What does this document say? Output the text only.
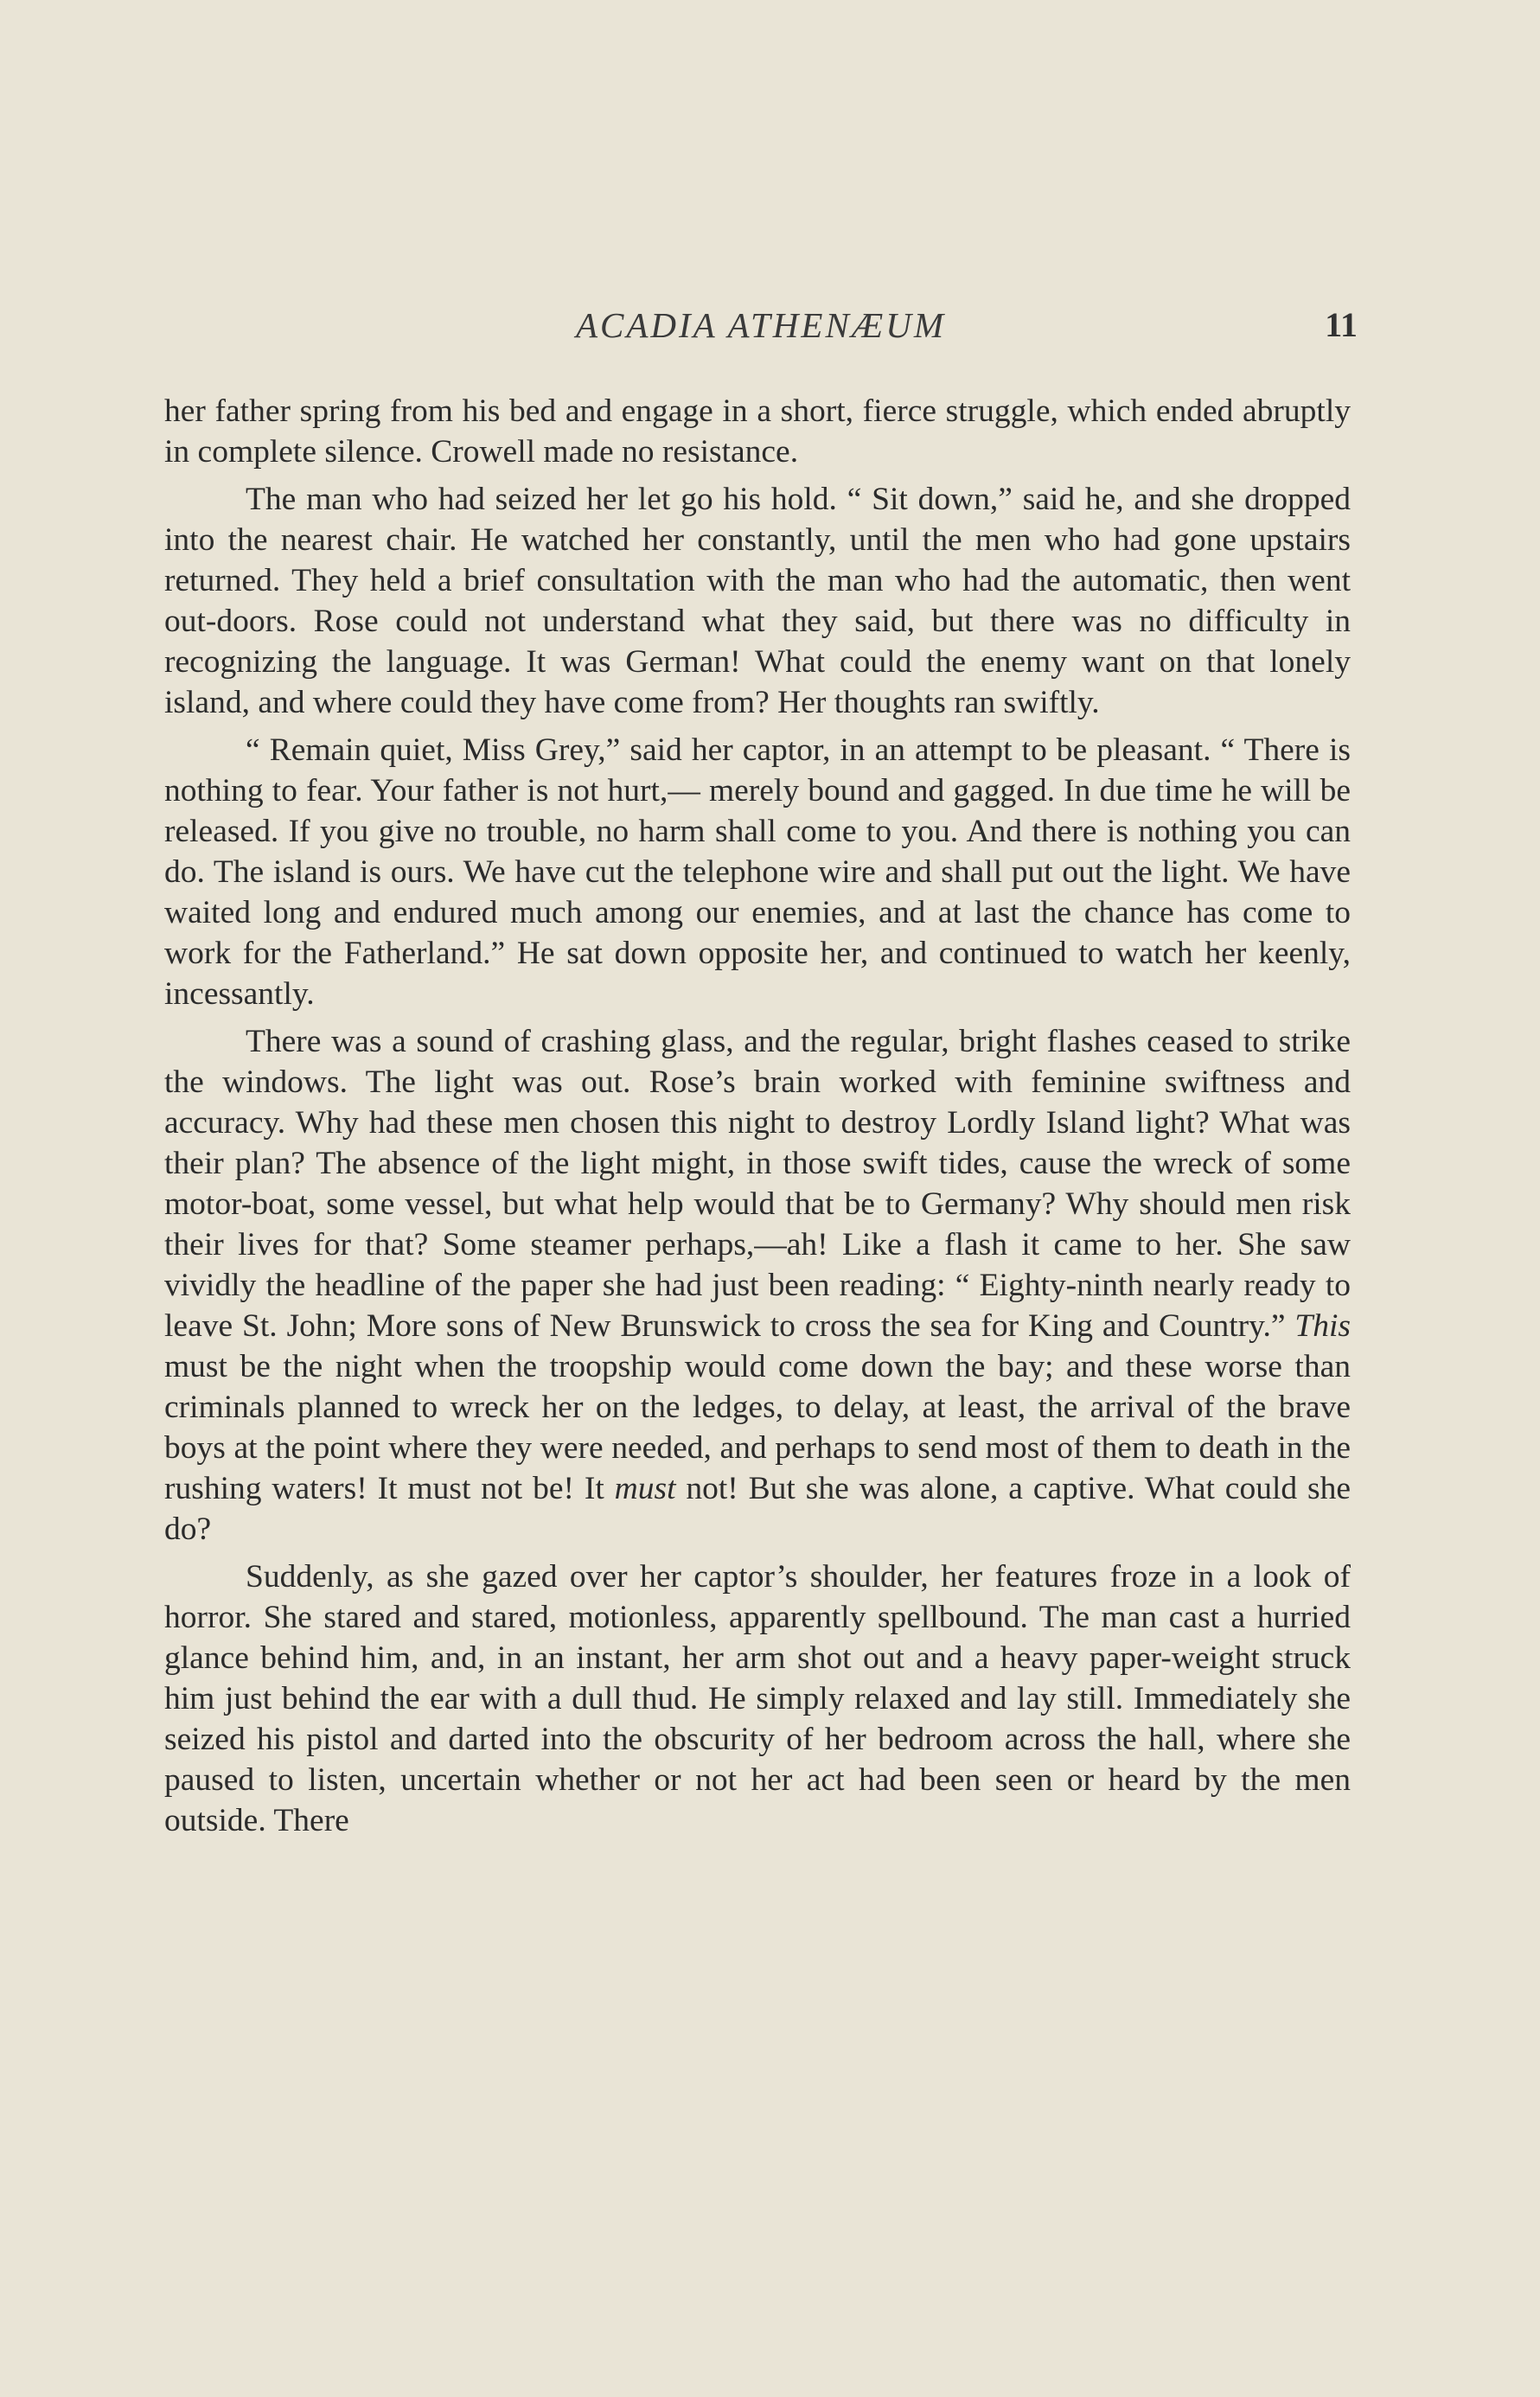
ACADIA ATHENÆUM	11

her father spring from his bed and engage in a short, fierce struggle, which ended abruptly in complete silence. Crowell made no resistance.

The man who had seized her let go his hold. “ Sit down,” said he, and she dropped into the nearest chair. He watched her constantly, until the men who had gone upstairs returned. They held a brief consultation with the man who had the automatic, then went out-doors. Rose could not understand what they said, but there was no difficulty in recognizing the language. It was German! What could the enemy want on that lonely island, and where could they have come from? Her thoughts ran swiftly.

“ Remain quiet, Miss Grey,” said her captor, in an attempt to be pleasant. “ There is nothing to fear. Your father is not hurt,— merely bound and gagged. In due time he will be released. If you give no trouble, no harm shall come to you. And there is nothing you can do. The island is ours. We have cut the telephone wire and shall put out the light. We have waited long and endured much among our enemies, and at last the chance has come to work for the Fatherland.” He sat down opposite her, and continued to watch her keenly, incessantly.

There was a sound of crashing glass, and the regular, bright flashes ceased to strike the windows. The light was out. Rose’s brain worked with feminine swiftness and accuracy. Why had these men chosen this night to destroy Lordly Island light? What was their plan? The absence of the light might, in those swift tides, cause the wreck of some motor-boat, some vessel, but what help would that be to Germany? Why should men risk their lives for that? Some steamer perhaps,—ah! Like a flash it came to her. She saw vividly the headline of the paper she had just been reading: “ Eighty-ninth nearly ready to leave St. John; More sons of New Brunswick to cross the sea for King and Country.” This must be the night when the troopship would come down the bay; and these worse than criminals planned to wreck her on the ledges, to delay, at least, the arrival of the brave boys at the point where they were needed, and perhaps to send most of them to death in the rushing waters! It must not be! It must not! But she was alone, a captive. What could she do?

Suddenly, as she gazed over her captor’s shoulder, her features froze in a look of horror. She stared and stared, motionless, apparently spellbound. The man cast a hurried glance behind him, and, in an instant, her arm shot out and a heavy paper-weight struck him just behind the ear with a dull thud. He simply relaxed and lay still. Immediately she seized his pistol and darted into the obscurity of her bedroom across the hall, where she paused to listen, uncertain whether or not her act had been seen or heard by the men outside. There
